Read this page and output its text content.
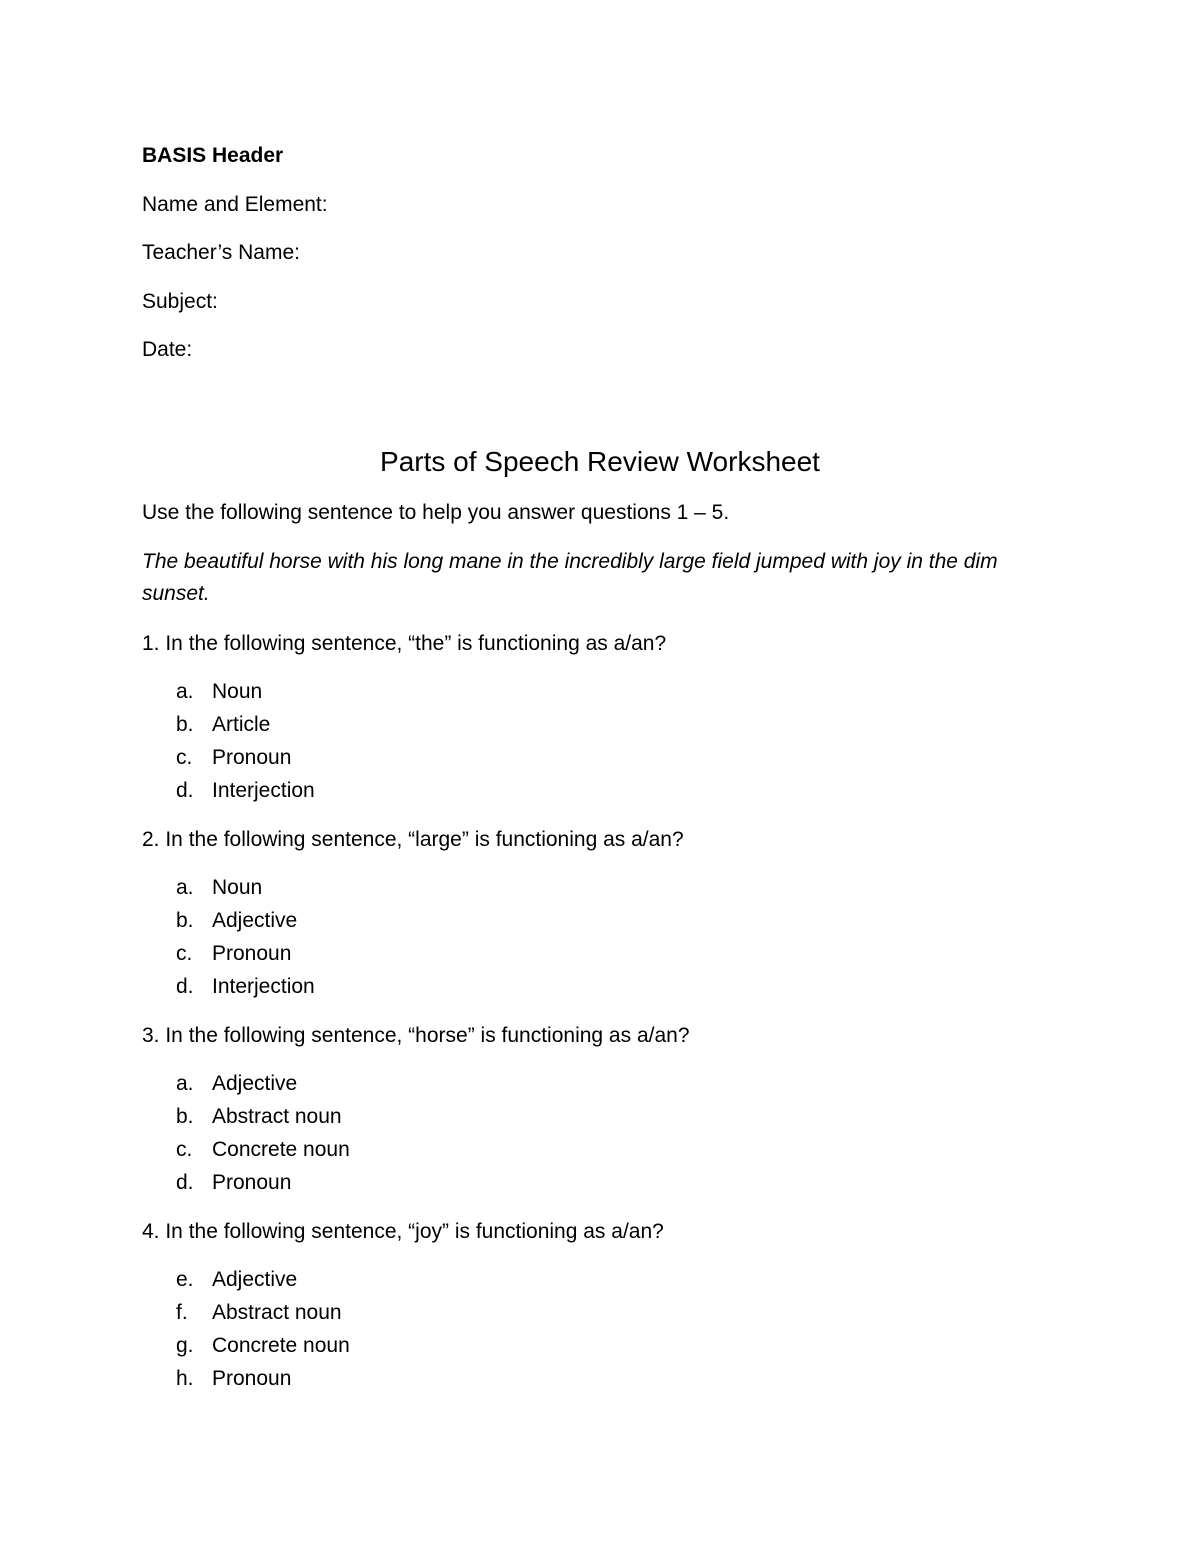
BASIS Header
Name and Element:
Teacher’s Name:
Subject:
Date:
Parts of Speech Review Worksheet
Use the following sentence to help you answer questions 1 – 5.
The beautiful horse with his long mane in the incredibly large field jumped with joy in the dim sunset.
1. In the following sentence, “the” is functioning as a/an?
a. Noun
b. Article
c. Pronoun
d. Interjection
2. In the following sentence, “large” is functioning as a/an?
a. Noun
b. Adjective
c. Pronoun
d. Interjection
3. In the following sentence, “horse” is functioning as a/an?
a. Adjective
b. Abstract noun
c. Concrete noun
d. Pronoun
4. In the following sentence, “joy” is functioning as a/an?
e. Adjective
f. Abstract noun
g. Concrete noun
h. Pronoun
